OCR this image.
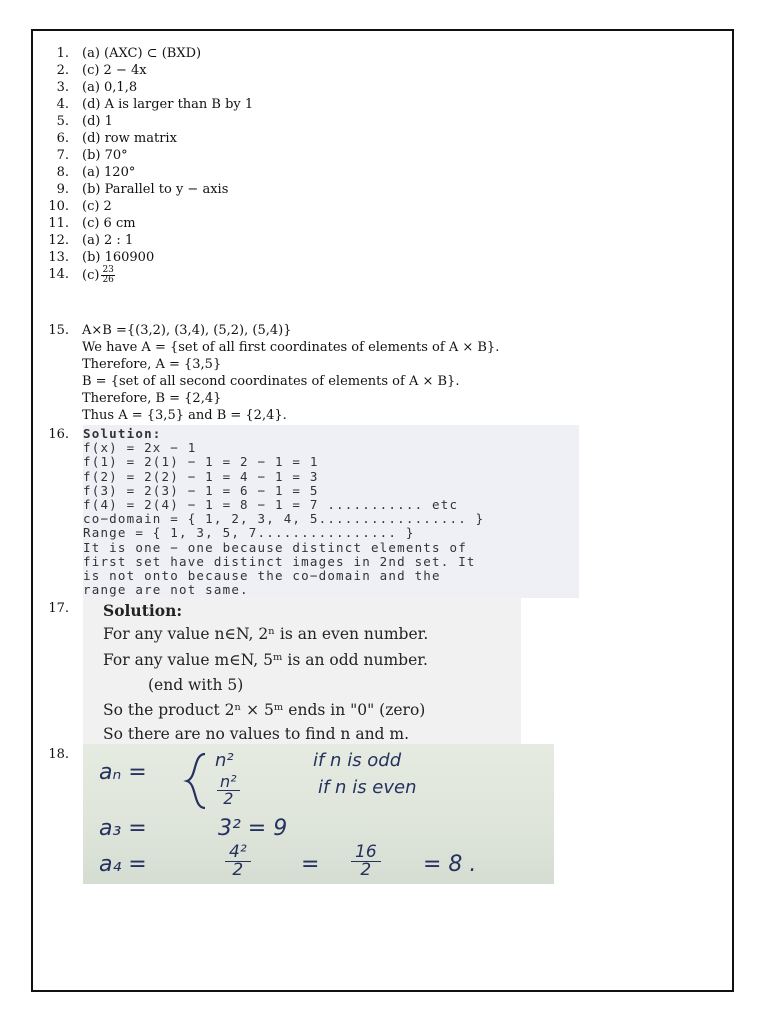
1. (a) (AXC) ⊂ (BXD)
2. (c) 2 − 4x
3. (a) 0,1,8
4. (d) A is larger than B by 1
5. (d) 1
6. (d) row matrix
7. (b) 70°
8. (a) 120°
9. (b) Parallel to y − axis
10. (c) 2
11. (c) 6 cm
12. (a) 2 : 1
13. (b) 160900
14. $(c) \frac{23}{26}$
15. A×B ={(3,2), (3,4), (5,2), (5,4)}
We have A = {set of all first coordinates of elements of A × B}.
Therefore, A = {3,5}
B = {set of all second coordinates of elements of A × B}.
Therefore, B = {2,4}
Thus A = {3,5} and B = {2,4}.
16. Solution:
f(x) = 2x − 1
f(1) = 2(1) − 1 = 2 − 1 = 1
f(2) = 2(2) − 1 = 4 − 1 = 3
f(3) = 2(3) − 1 = 6 − 1 = 5
f(4) = 2(4) − 1 = 8 − 1 = 7 ........... etc
co−domain = { 1, 2, 3, 4, 5................. }
Range = { 1, 3, 5, 7................ }
It is one − one because distinct elements of
first set have distinct images in 2nd set. It
is not onto because the co−domain and the
range are not same.
17. Solution:
For any value n∈N, 2ⁿ is an even number.
For any value m∈N, 5ᵐ is an odd number.
(end with 5)
So the product 2ⁿ × 5ᵐ ends in "0" (zero)
So there are no values to find n and m.
18.
aₙ =	n²	if n is odd
$\frac{\text{n²}}{2}$	if n is even
a₃ =	3² = 9
a₄ =	$\frac{\text{4²}}{2} = 16$
2	= 8 .
